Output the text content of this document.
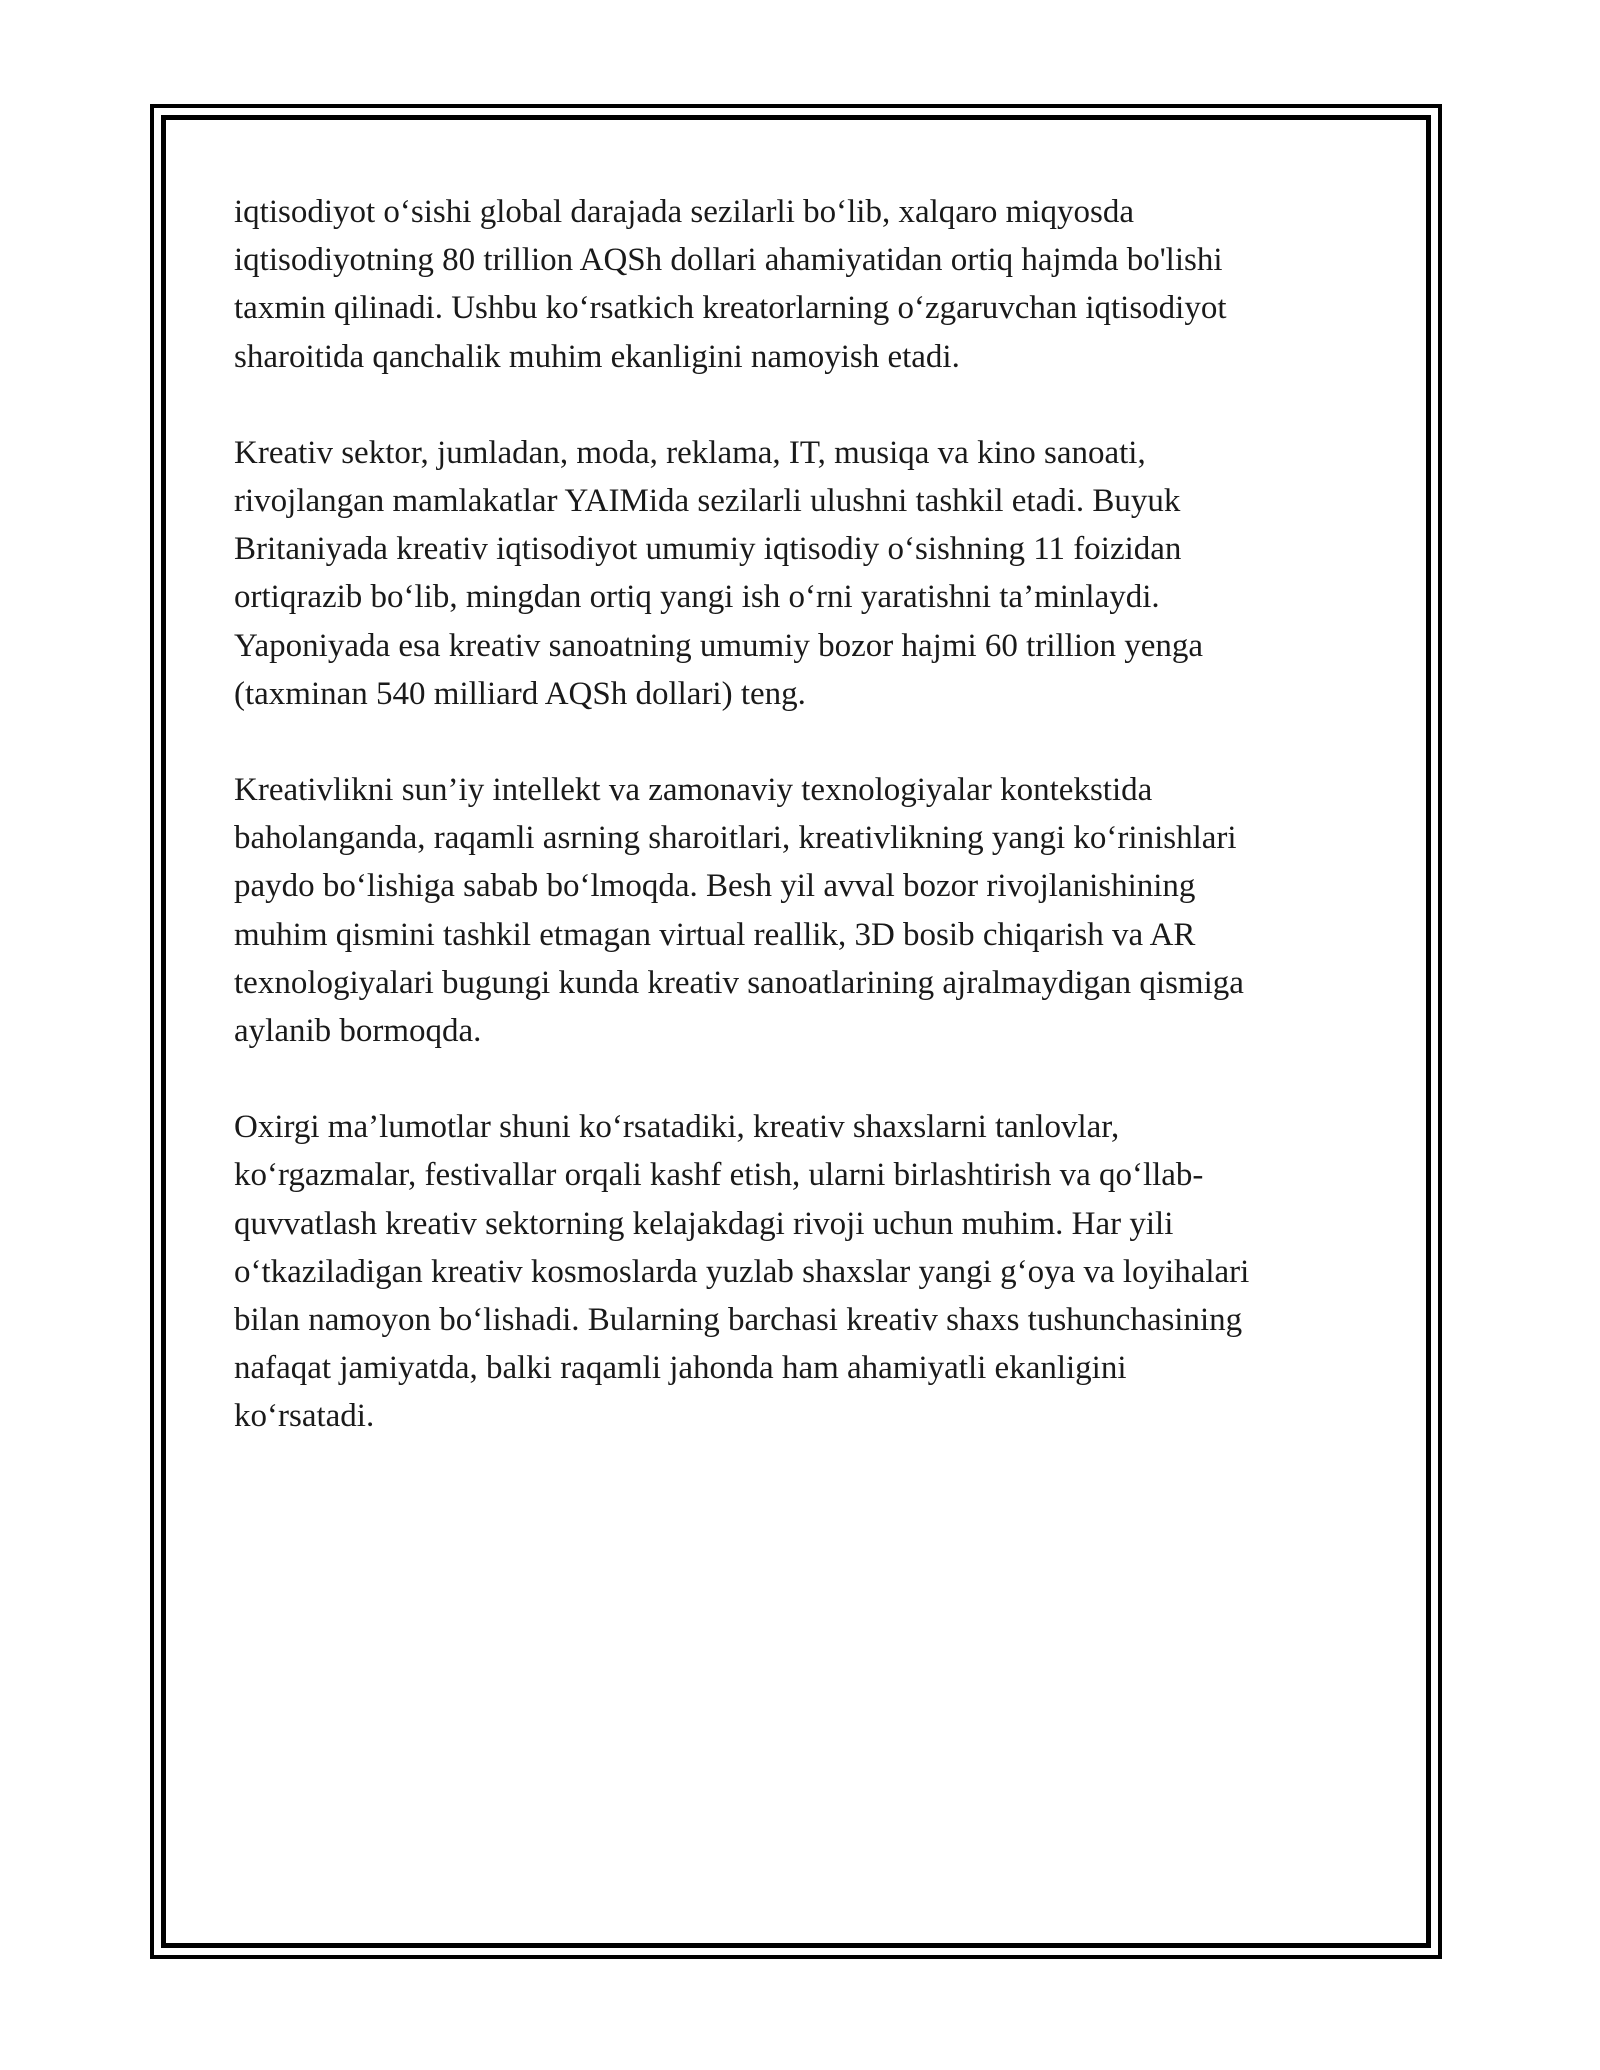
iqtisodiyot o‘sishi global darajada sezilarli bo‘lib, xalqaro miqyosda
iqtisodiyotning 80 trillion AQSh dollari ahamiyatidan ortiq hajmda bo'lishi
taxmin qilinadi. Ushbu ko‘rsatkich kreatorlarning o‘zgaruvchan iqtisodiyot
sharoitida qanchalik muhim ekanligini namoyish etadi.

Kreativ sektor, jumladan, moda, reklama, IT, musiqa va kino sanoati,
rivojlangan mamlakatlar YAIMida sezilarli ulushni tashkil etadi. Buyuk
Britaniyada kreativ iqtisodiyot umumiy iqtisodiy o‘sishning 11 foizidan
ortiqrazib bo‘lib, mingdan ortiq yangi ish o‘rni yaratishni ta’minlaydi.
Yaponiyada esa kreativ sanoatning umumiy bozor hajmi 60 trillion yenga
(taxminan 540 milliard AQSh dollari) teng.

Kreativlikni sun’iy intellekt va zamonaviy texnologiyalar kontekstida
baholanganda, raqamli asrning sharoitlari, kreativlikning yangi ko‘rinishlari
paydo bo‘lishiga sabab bo‘lmoqda. Besh yil avval bozor rivojlanishining
muhim qismini tashkil etmagan virtual reallik, 3D bosib chiqarish va AR
texnologiyalari bugungi kunda kreativ sanoatlarining ajralmaydigan qismiga
aylanib bormoqda.

Oxirgi ma’lumotlar shuni ko‘rsatadiki, kreativ shaxslarni tanlovlar,
ko‘rgazmalar, festivallar orqali kashf etish, ularni birlashtirish va qo‘llab-
quvvatlash kreativ sektorning kelajakdagi rivoji uchun muhim. Har yili
o‘tkaziladigan kreativ kosmoslarda yuzlab shaxslar yangi g‘oya va loyihalari
bilan namoyon bo‘lishadi. Bularning barchasi kreativ shaxs tushunchasining
nafaqat jamiyatda, balki raqamli jahonda ham ahamiyatli ekanligini
ko‘rsatadi.
